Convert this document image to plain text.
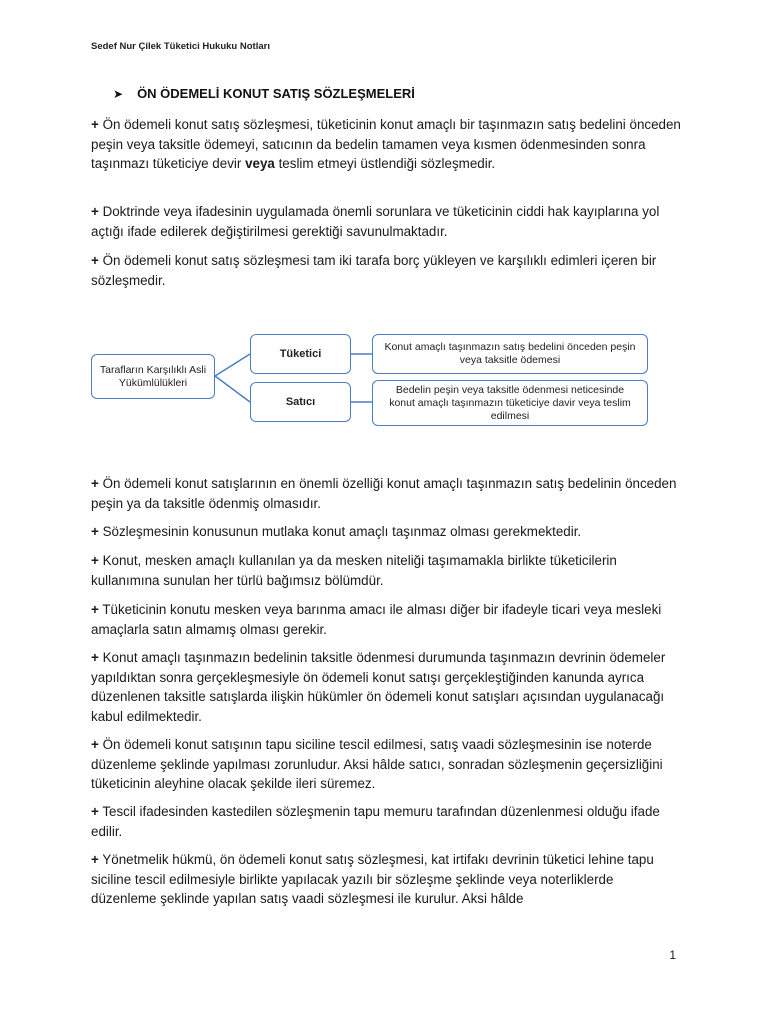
Sedef Nur Çilek Tüketici Hukuku Notları
➤ ÖN ÖDEMELİ KONUT SATIŞ SÖZLEŞMELERİ

+ Ön ödemeli konut satış sözleşmesi, tüketicinin konut amaçlı bir taşınmazın satış bedelini önceden peşin veya taksitle ödemeyi, satıcının da bedelin tamamen veya kısmen ödenmesinden sonra taşınmazı tüketiciye devir veya teslim etmeyi üstlendiği sözleşmedir.

+ Doktrinde veya ifadesinin uygulamada önemli sorunlara ve tüketicinin ciddi hak kayıplarına yol açtığı ifade edilerek değiştirilmesi gerektiği savunulmaktadır.

+ Ön ödemeli konut satış sözleşmesi tam iki tarafa borç yükleyen ve karşılıklı edimleri içeren bir sözleşmedir.

Tarafların Karşılıklı Asli Yükümlülükleri
Tüketici
Satıcı
Konut amaçlı taşınmazın satış bedelini önceden peşin veya taksitle ödemesi
Bedelin peşin veya taksitle ödenmesi neticesinde konut amaçlı taşınmazın tüketiciye davir veya teslim edilmesi

+ Ön ödemeli konut satışlarının en önemli özelliği konut amaçlı taşınmazın satış bedelinin önceden peşin ya da taksitle ödenmiş olmasıdır.

+ Sözleşmesinin konusunun mutlaka konut amaçlı taşınmaz olması gerekmektedir.

+ Konut, mesken amaçlı kullanılan ya da mesken niteliği taşımamakla birlikte tüketicilerin kullanımına sunulan her türlü bağımsız bölümdür.

+ Tüketicinin konutu mesken veya barınma amacı ile alması diğer bir ifadeyle ticari veya mesleki amaçlarla satın almamış olması gerekir.

+ Konut amaçlı taşınmazın bedelinin taksitle ödenmesi durumunda taşınmazın devrinin ödemeler yapıldıktan sonra gerçekleşmesiyle ön ödemeli konut satışı gerçekleştiğinden kanunda ayrıca düzenlenen taksitle satışlarda ilişkin hükümler ön ödemeli konut satışları açısından uygulanacağı kabul edilmektedir.

+ Ön ödemeli konut satışının tapu siciline tescil edilmesi, satış vaadi sözleşmesinin ise noterde düzenleme şeklinde yapılması zorunludur. Aksi hâlde satıcı, sonradan sözleşmenin geçersizliğini tüketicinin aleyhine olacak şekilde ileri süremez.

+ Tescil ifadesinden kastedilen sözleşmenin tapu memuru tarafından düzenlenmesi olduğu ifade edilir.

+ Yönetmelik hükmü, ön ödemeli konut satış sözleşmesi, kat irtifakı devrinin tüketici lehine tapu siciline tescil edilmesiyle birlikte yapılacak yazılı bir sözleşme şeklinde veya noterliklerde düzenleme şeklinde yapılan satış vaadi sözleşmesi ile kurulur. Aksi hâlde

1
